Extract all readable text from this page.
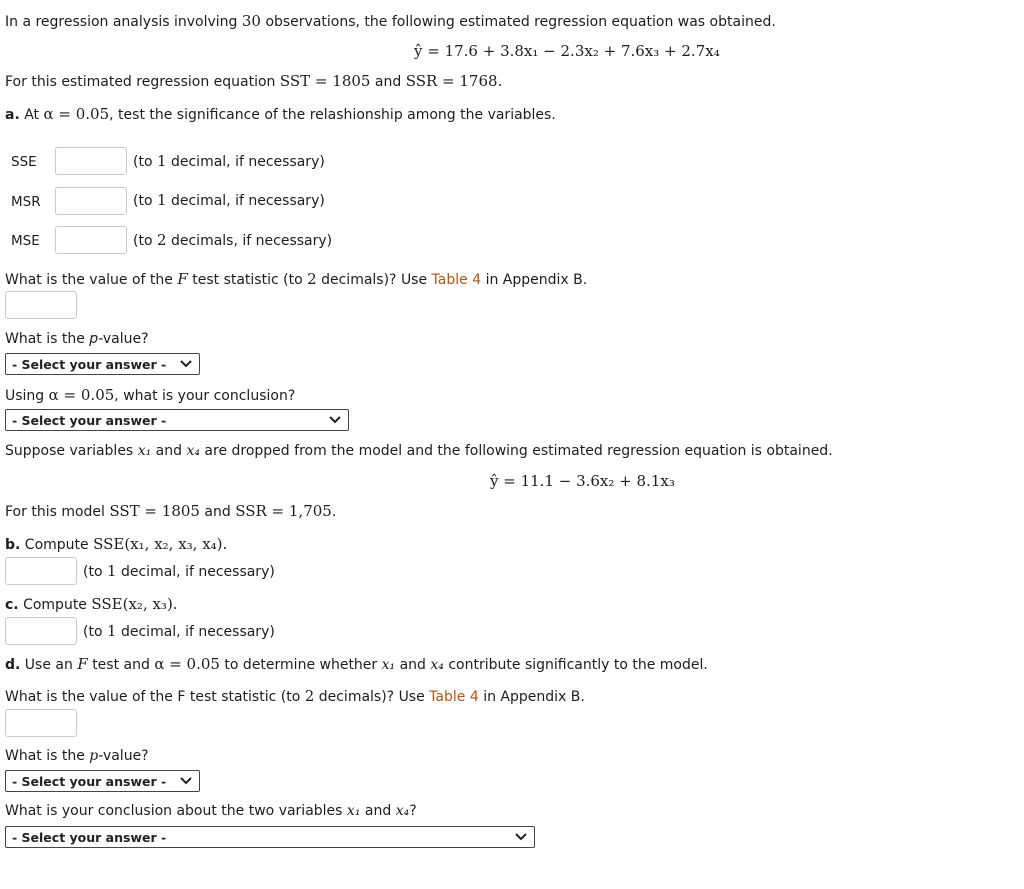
In a regression analysis involving 30 observations, the following estimated regression equation was obtained.
ŷ = 17.6 + 3.8x₁ − 2.3x₂ + 7.6x₃ + 2.7x₄
For this estimated regression equation SST = 1805 and SSR = 1768.
a. At α = 0.05, test the significance of the relashionship among the variables.
SSE	(to 1 decimal, if necessary)
MSR	(to 1 decimal, if necessary)
MSE	(to 2 decimals, if necessary)
What is the value of the F test statistic (to 2 decimals)? Use Table 4 in Appendix B.
What is the p-value?
- Select your answer -
Using α = 0.05, what is your conclusion?
- Select your answer -
Suppose variables x₁ and x₄ are dropped from the model and the following estimated regression equation is obtained.
ŷ = 11.1 − 3.6x₂ + 8.1x₃
For this model SST = 1805 and SSR = 1,705.
b. Compute SSE(x₁, x₂, x₃, x₄).
(to 1 decimal, if necessary)
c. Compute SSE(x₂, x₃).
(to 1 decimal, if necessary)
d. Use an F test and α = 0.05 to determine whether x₁ and x₄ contribute significantly to the model.
What is the value of the F test statistic (to 2 decimals)? Use Table 4 in Appendix B.
What is the p-value?
- Select your answer -
What is your conclusion about the two variables x₁ and x₄?
- Select your answer -
